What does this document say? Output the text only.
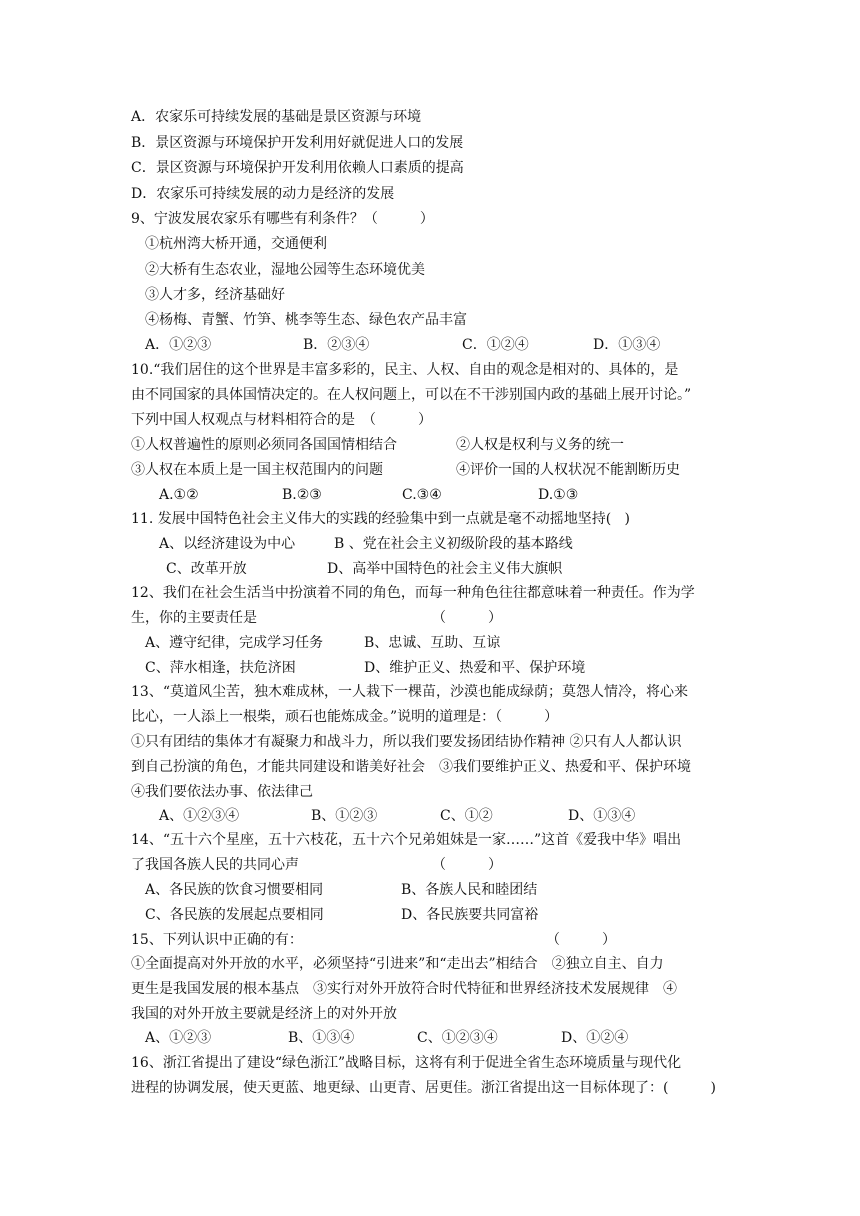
A．农家乐可持续发展的基础是景区资源与环境
B．景区资源与环境保护开发利用好就促进人口的发展
C．景区资源与环境保护开发利用依赖人口素质的提高
D．农家乐可持续发展的动力是经济的发展
9、宁波发展农家乐有哪些有利条件？（　　　）
①杭州湾大桥开通，交通便利
②大桥有生态农业，湿地公园等生态环境优美
③人才多，经济基础好
④杨梅、青蟹、竹笋、桃李等生态、绿色农产品丰富
A．①②③	B．②③④	C．①②④	D．①③④
10.“我们居住的这个世界是丰富多彩的，民主、人权、自由的观念是相对的、具体的，是
由不同国家的具体国情决定的。在人权问题上，可以在不干涉别国内政的基础上展开讨论。”
下列中国人权观点与材料相符合的是　（　　　）
①人权普遍性的原则必须同各国国情相结合	②人权是权利与义务的统一
③人权在本质上是一国主权范围内的问题	④评价一国的人权状况不能割断历史
A.①②	B.②③	C.③④	D.①③
11. 发展中国特色社会主义伟大的实践的经验集中到一点就是毫不动摇地坚持(   )
A、以经济建设为中心	B 、党在社会主义初级阶段的基本路线
C、改革开放	D、高举中国特色的社会主义伟大旗帜
12、我们在社会生活当中扮演着不同的角色，而每一种角色往往都意味着一种责任。作为学
生，你的主要责任是　　　　　　　　　　　　　（　　　）
A、遵守纪律，完成学习任务	B、忠诚、互助、互谅
C、萍水相逢，扶危济困	D、维护正义、热爱和平、保护环境
13、“莫道风尘苦，独木难成林，一人栽下一棵苗，沙漠也能成绿荫；莫怨人情冷，将心来
比心，一人添上一根柴，顽石也能炼成金。”说明的道理是：（　　　）
①只有团结的集体才有凝聚力和战斗力，所以我们要发扬团结协作精神 ②只有人人都认识
到自己扮演的角色，才能共同建设和谐美好社会　③我们要维护正义、热爱和平、保护环境
④我们要依法办事、依法律己
A、①②③④	B、①②③	C、①②	D、①③④
14、“五十六个星座，五十六枝花，五十六个兄弟姐妹是一家……”这首《爱我中华》唱出
了我国各族人民的共同心声　　　　　　　　　　（　　　）
A、各民族的饮食习惯要相同	B、各族人民和睦团结
C、各民族的发展起点要相同	D、各民族要共同富裕
15、下列认识中正确的有：	（　　　）
①全面提高对外开放的水平，必须坚持“引进来”和“走出去”相结合　②独立自主、自力
更生是我国发展的根本基点　③实行对外开放符合时代特征和世界经济技术发展规律　④
我国的对外开放主要就是经济上的对外开放
A、①②③	B、①③④	C、①②③④	D、①②④
16、浙江省提出了建设“绿色浙江”战略目标，这将有利于促进全省生态环境质量与现代化
进程的协调发展，使天更蓝、地更绿、山更青、居更佳。浙江省提出这一目标体现了：(　　　)
